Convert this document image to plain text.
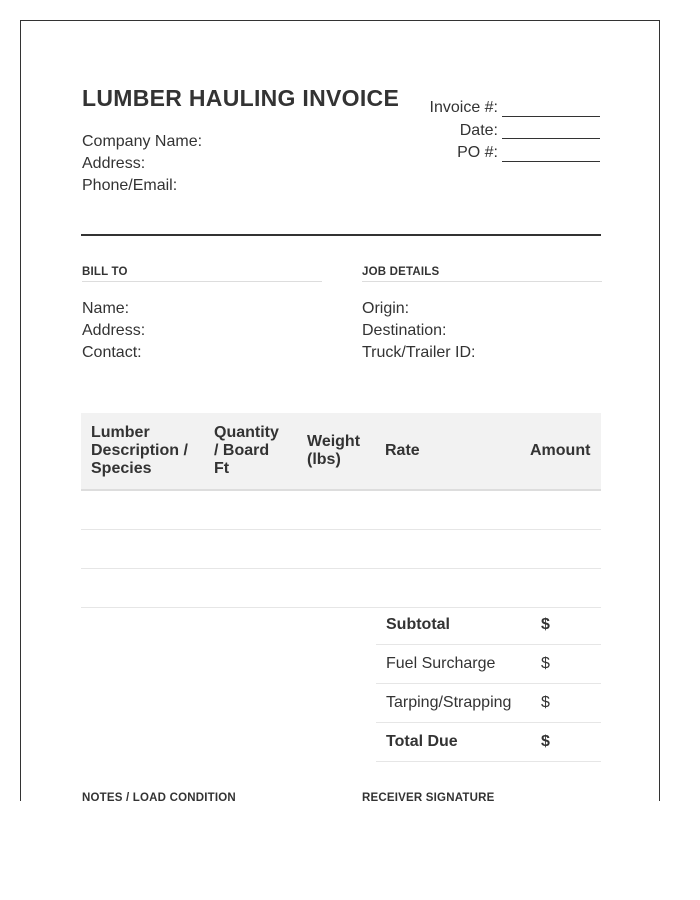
LUMBER HAULING INVOICE
Company Name:
Address:
Phone/Email:
Invoice #:
Date:
PO #:
BILL TO
Name:
Address:
Contact:
JOB DETAILS
Origin:
Destination:
Truck/Trailer ID:
Lumber Description / Species	Quantity / Board Ft	Weight (lbs)	Rate	Amount

Subtotal	$
Fuel Surcharge	$
Tarping/Strapping	$
Total Due	$
NOTES / LOAD CONDITION	RECEIVER SIGNATURE
